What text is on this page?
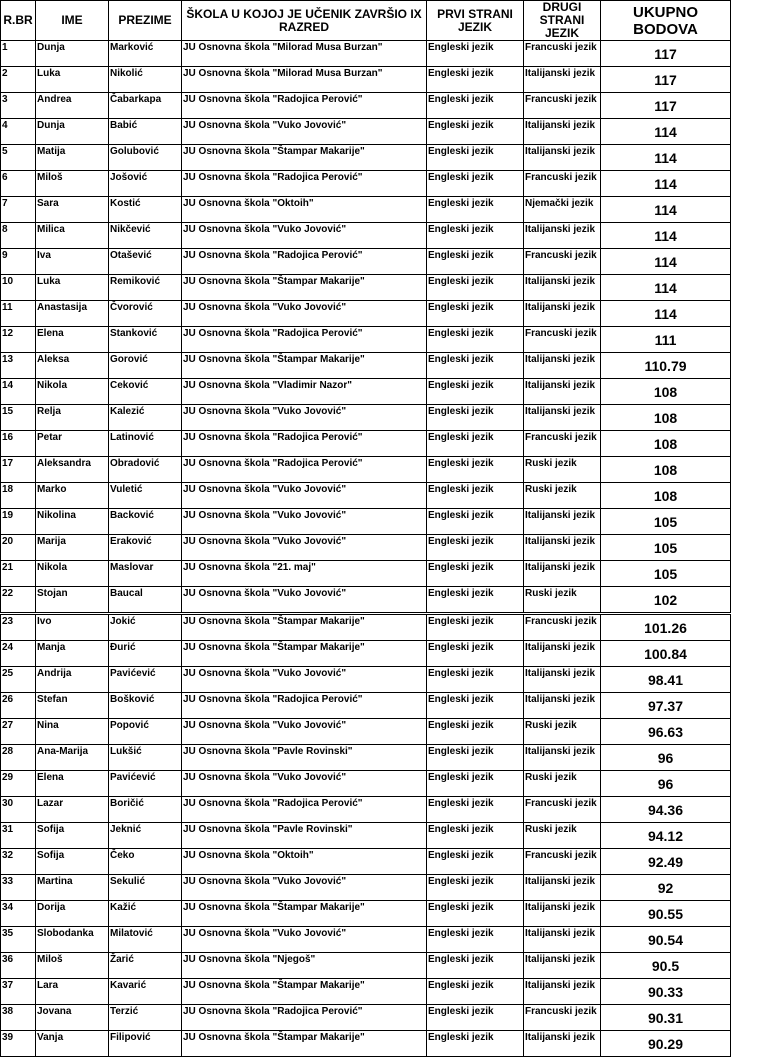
R.BR	IME	PREZIME	ŠKOLA U KOJOJ JE UČENIK ZAVRŠIO IX RAZRED	PRVI STRANI JEZIK	DRUGI STRANI JEZIK	UKUPNO BODOVA
1	Dunja	Marković	JU Osnovna škola "Milorad Musa Burzan"	Engleski jezik	Francuski jezik	117
2	Luka	Nikolić	JU Osnovna škola "Milorad Musa Burzan"	Engleski jezik	Italijanski jezik	117
3	Andrea	Čabarkapa	JU Osnovna škola "Radojica Perović"	Engleski jezik	Francuski jezik	117
4	Dunja	Babić	JU Osnovna škola "Vuko Jovović"	Engleski jezik	Italijanski jezik	114
5	Matija	Golubović	JU Osnovna škola "Štampar Makarije"	Engleski jezik	Italijanski jezik	114
6	Miloš	Jošović	JU Osnovna škola "Radojica Perović"	Engleski jezik	Francuski jezik	114
7	Sara	Kostić	JU Osnovna škola "Oktoih"	Engleski jezik	Njemački jezik	114
8	Milica	Nikčević	JU Osnovna škola "Vuko Jovović"	Engleski jezik	Italijanski jezik	114
9	Iva	Otašević	JU Osnovna škola "Radojica Perović"	Engleski jezik	Francuski jezik	114
10	Luka	Remiković	JU Osnovna škola "Štampar Makarije"	Engleski jezik	Italijanski jezik	114
11	Anastasija	Čvorović	JU Osnovna škola "Vuko Jovović"	Engleski jezik	Italijanski jezik	114
12	Elena	Stanković	JU Osnovna škola "Radojica Perović"	Engleski jezik	Francuski jezik	111
13	Aleksa	Gorović	JU Osnovna škola "Štampar Makarije"	Engleski jezik	Italijanski jezik	110.79
14	Nikola	Ceković	JU Osnovna škola "Vladimir Nazor"	Engleski jezik	Italijanski jezik	108
15	Relja	Kalezić	JU Osnovna škola "Vuko Jovović"	Engleski jezik	Italijanski jezik	108
16	Petar	Latinović	JU Osnovna škola "Radojica Perović"	Engleski jezik	Francuski jezik	108
17	Aleksandra	Obradović	JU Osnovna škola "Radojica Perović"	Engleski jezik	Ruski jezik	108
18	Marko	Vuletić	JU Osnovna škola "Vuko Jovović"	Engleski jezik	Ruski jezik	108
19	Nikolina	Backović	JU Osnovna škola "Vuko Jovović"	Engleski jezik	Italijanski jezik	105
20	Marija	Eraković	JU Osnovna škola "Vuko Jovović"	Engleski jezik	Italijanski jezik	105
21	Nikola	Maslovar	JU Osnovna škola "21. maj"	Engleski jezik	Italijanski jezik	105
22	Stojan	Baucal	JU Osnovna škola "Vuko Jovović"	Engleski jezik	Ruski jezik	102
23	Ivo	Jokić	JU Osnovna škola "Štampar Makarije"	Engleski jezik	Francuski jezik	101.26
24	Manja	Đurić	JU Osnovna škola "Štampar Makarije"	Engleski jezik	Italijanski jezik	100.84
25	Andrija	Pavićević	JU Osnovna škola "Vuko Jovović"	Engleski jezik	Italijanski jezik	98.41
26	Stefan	Bošković	JU Osnovna škola "Radojica Perović"	Engleski jezik	Italijanski jezik	97.37
27	Nina	Popović	JU Osnovna škola "Vuko Jovović"	Engleski jezik	Ruski jezik	96.63
28	Ana-Marija	Lukšić	JU Osnovna škola "Pavle Rovinski"	Engleski jezik	Italijanski jezik	96
29	Elena	Pavićević	JU Osnovna škola "Vuko Jovović"	Engleski jezik	Ruski jezik	96
30	Lazar	Boričić	JU Osnovna škola "Radojica Perović"	Engleski jezik	Francuski jezik	94.36
31	Sofija	Jeknić	JU Osnovna škola "Pavle Rovinski"	Engleski jezik	Ruski jezik	94.12
32	Sofija	Čeko	JU Osnovna škola "Oktoih"	Engleski jezik	Francuski jezik	92.49
33	Martina	Sekulić	JU Osnovna škola "Vuko Jovović"	Engleski jezik	Italijanski jezik	92
34	Dorija	Kažić	JU Osnovna škola "Štampar Makarije"	Engleski jezik	Italijanski jezik	90.55
35	Slobodanka	Milatović	JU Osnovna škola "Vuko Jovović"	Engleski jezik	Italijanski jezik	90.54
36	Miloš	Žarić	JU Osnovna škola "Njegoš"	Engleski jezik	Italijanski jezik	90.5
37	Lara	Kavarić	JU Osnovna škola "Štampar Makarije"	Engleski jezik	Italijanski jezik	90.33
38	Jovana	Terzić	JU Osnovna škola "Radojica Perović"	Engleski jezik	Francuski jezik	90.31
39	Vanja	Filipović	JU Osnovna škola "Štampar Makarije"	Engleski jezik	Italijanski jezik	90.29
